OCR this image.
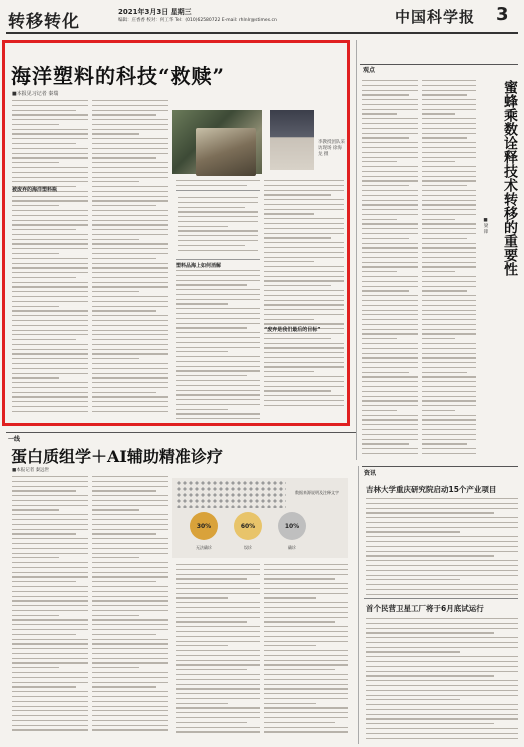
转移转化	2021年3月3日 星期三
编辑：庄香香 校对：何工华 Tel：(010)62580722 E-mail: rhlnlr@stimes.cn	中国科学报 3
海洋塑料的科技“救赎”
■本报见习记者 秦瑞
被废弃的海洋塑料瓶
李教授团队采访现场 徐海龙 摄
塑料品海上如何消解
“废弃是我们最后的目标”
观点
蜜蜂乘数诠释技术转移的重要性
■梁 锋
一线
蛋白质组学＋AI辅助精准诊疗
■本报记者 秦远世
数据来源说明及注释文字
30%
无法确诊
60%
误诊
10%
确诊
资讯
吉林大学重庆研究院启动15个产业项目
首个民营卫星工厂将于6月底试运行
